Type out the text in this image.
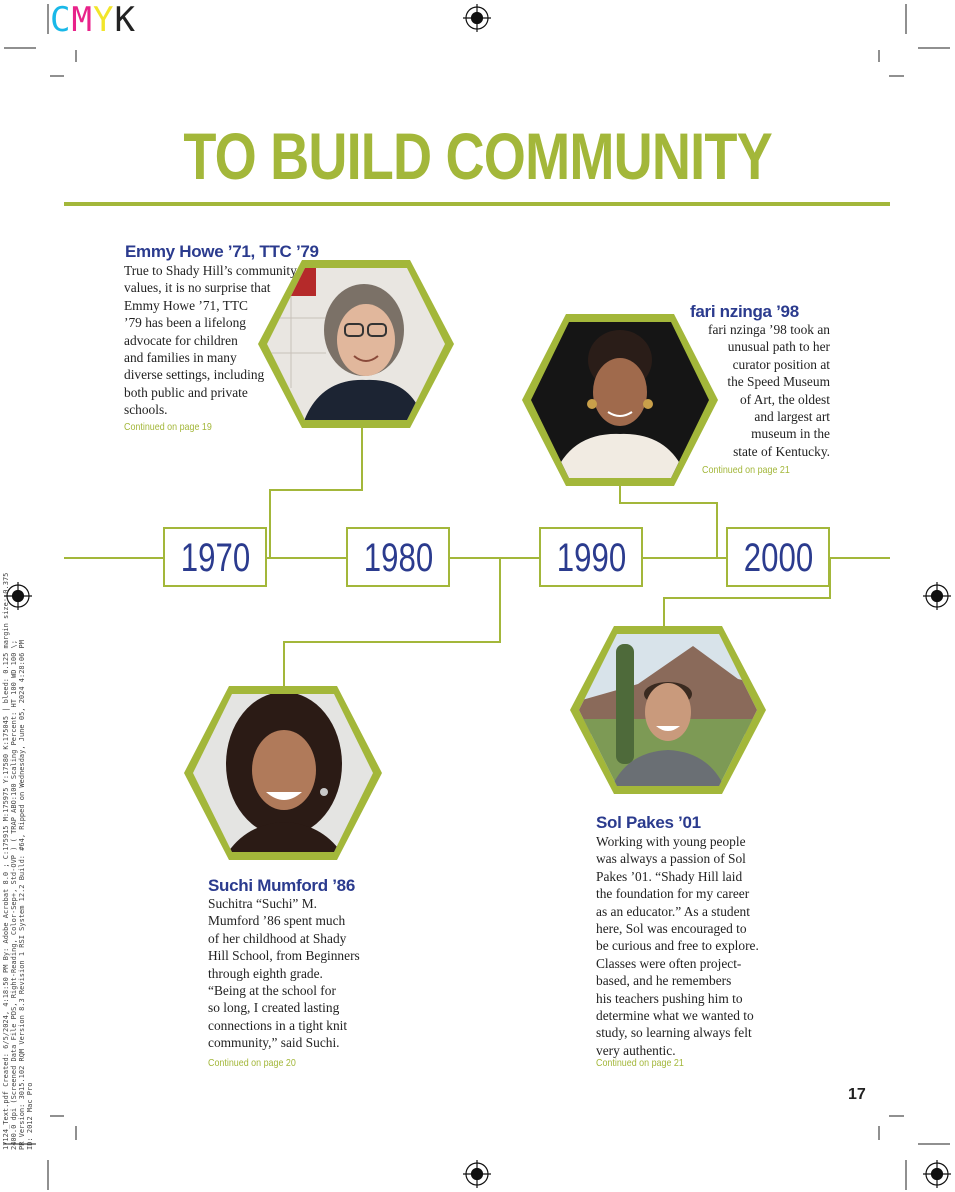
CMYK
TO BUILD COMMUNITY
1970	1980	1990	2000
Emmy Howe ’71, TTC ’79
True to Shady Hill’s community
values, it is no surprise that
Emmy Howe ’71, TTC
’79 has been a lifelong
advocate for children
and families in many
diverse settings, including
both public and private
schools.
Continued on page 19
fari nzinga ’98
fari nzinga ’98 took an
unusual path to her
curator position at
the Speed Museum
of Art, the oldest
and largest art
museum in the
state of Kentucky.
Continued on page 21
Suchi Mumford ’86
Suchitra “Suchi” M.
Mumford ’86 spent much
of her childhood at Shady
Hill School, from Beginners
through eighth grade.
“Being at the school for
so long, I created lasting
connections in a tight knit
community,” said Suchi.
Continued on page 20
Sol Pakes ’01
Working with young people
was always a passion of Sol
Pakes ’01. “Shady Hill laid
the foundation for my career
as an educator.” As a student
here, Sol was encouraged to
be curious and free to explore.
Classes were often project-
based, and he remembers
his teachers pushing him to
determine what we wanted to
study, so learning always felt
very authentic.
Continued on page 21
17
17124_Text.pdf Created: 6/5/2024, 4:18:50 PM By: Adobe Acrobat 8.0 ; C:175915 M:175975 Y:17580 K:175045 | bleed: 0.125 margin size: 0.375 2400.0 dpi (Screened Data File PDS, Right-Reading, Color-Sep+, Std-OVP ) ( TRAP ABO:100 Scaling Percent: HT 100 WD 100 \; PR Version: 3015.102 RQM Version 8.3 Revision 1 RSI System 12.2 Build: #64, Ripped on Wednesday, June 05, 2024 4:28:06 PM ID: 2012 Mac Pro
